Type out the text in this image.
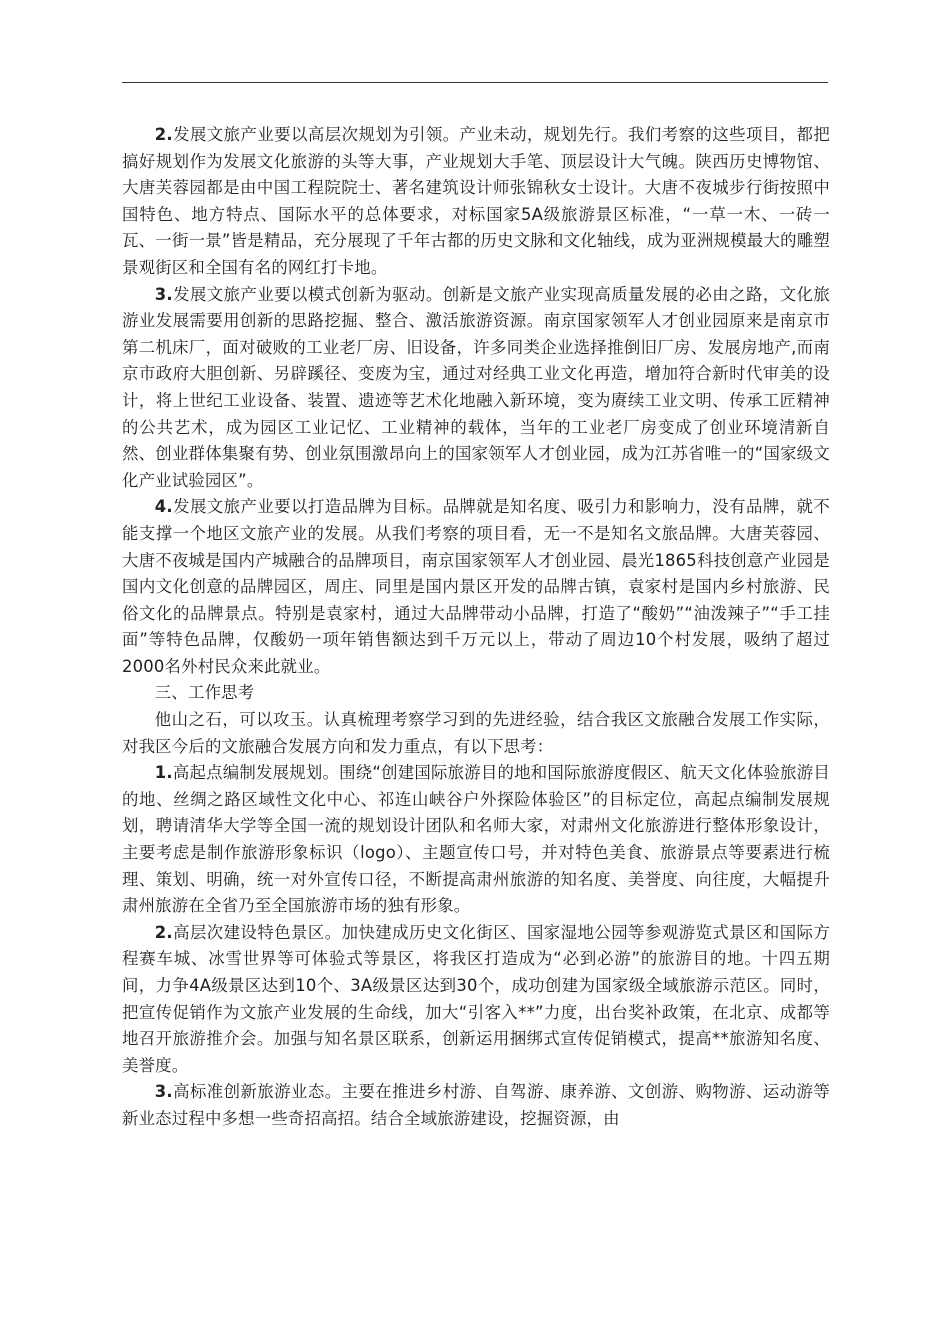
2.发展文旅产业要以高层次规划为引领。产业未动，规划先行。我们考察的这些项目，都把搞好规划作为发展文化旅游的头等大事，产业规划大手笔、顶层设计大气魄。陕西历史博物馆、大唐芙蓉园都是由中国工程院院士、著名建筑设计师张锦秋女士设计。大唐不夜城步行街按照中国特色、地方特点、国际水平的总体要求，对标国家5A级旅游景区标准，“一草一木、一砖一瓦、一街一景”皆是精品，充分展现了千年古都的历史文脉和文化轴线，成为亚洲规模最大的雕塑景观街区和全国有名的网红打卡地。

3.发展文旅产业要以模式创新为驱动。创新是文旅产业实现高质量发展的必由之路，文化旅游业发展需要用创新的思路挖掘、整合、激活旅游资源。南京国家领军人才创业园原来是南京市第二机床厂，面对破败的工业老厂房、旧设备，许多同类企业选择推倒旧厂房、发展房地产,而南京市政府大胆创新、另辟蹊径、变废为宝，通过对经典工业文化再造，增加符合新时代审美的设计，将上世纪工业设备、装置、遗迹等艺术化地融入新环境，变为赓续工业文明、传承工匠精神的公共艺术，成为园区工业记忆、工业精神的载体，当年的工业老厂房变成了创业环境清新自然、创业群体集聚有势、创业氛围激昂向上的国家领军人才创业园，成为江苏省唯一的“国家级文化产业试验园区”。

4.发展文旅产业要以打造品牌为目标。品牌就是知名度、吸引力和影响力，没有品牌，就不能支撑一个地区文旅产业的发展。从我们考察的项目看，无一不是知名文旅品牌。大唐芙蓉园、大唐不夜城是国内产城融合的品牌项目，南京国家领军人才创业园、晨光1865科技创意产业园是国内文化创意的品牌园区，周庄、同里是国内景区开发的品牌古镇，袁家村是国内乡村旅游、民俗文化的品牌景点。特别是袁家村，通过大品牌带动小品牌，打造了“酸奶”“油泼辣子”“手工挂面”等特色品牌，仅酸奶一项年销售额达到千万元以上，带动了周边10个村发展，吸纳了超过2000名外村民众来此就业。

三、工作思考

他山之石，可以攻玉。认真梳理考察学习到的先进经验，结合我区文旅融合发展工作实际，对我区今后的文旅融合发展方向和发力重点，有以下思考：

1.高起点编制发展规划。围绕“创建国际旅游目的地和国际旅游度假区、航天文化体验旅游目的地、丝绸之路区域性文化中心、祁连山峡谷户外探险体验区”的目标定位，高起点编制发展规划，聘请清华大学等全国一流的规划设计团队和名师大家，对肃州文化旅游进行整体形象设计，主要考虑是制作旅游形象标识（logo）、主题宣传口号，并对特色美食、旅游景点等要素进行梳理、策划、明确，统一对外宣传口径，不断提高肃州旅游的知名度、美誉度、向往度，大幅提升肃州旅游在全省乃至全国旅游市场的独有形象。

2.高层次建设特色景区。加快建成历史文化街区、国家湿地公园等参观游览式景区和国际方程赛车城、冰雪世界等可体验式等景区，将我区打造成为“必到必游”的旅游目的地。十四五期间，力争4A级景区达到10个、3A级景区达到30个，成功创建为国家级全域旅游示范区。同时，把宣传促销作为文旅产业发展的生命线，加大“引客入**”力度，出台奖补政策，在北京、成都等地召开旅游推介会。加强与知名景区联系，创新运用捆绑式宣传促销模式，提高**旅游知名度、美誉度。

3.高标准创新旅游业态。主要在推进乡村游、自驾游、康养游、文创游、购物游、运动游等新业态过程中多想一些奇招高招。结合全域旅游建设，挖掘资源，由
